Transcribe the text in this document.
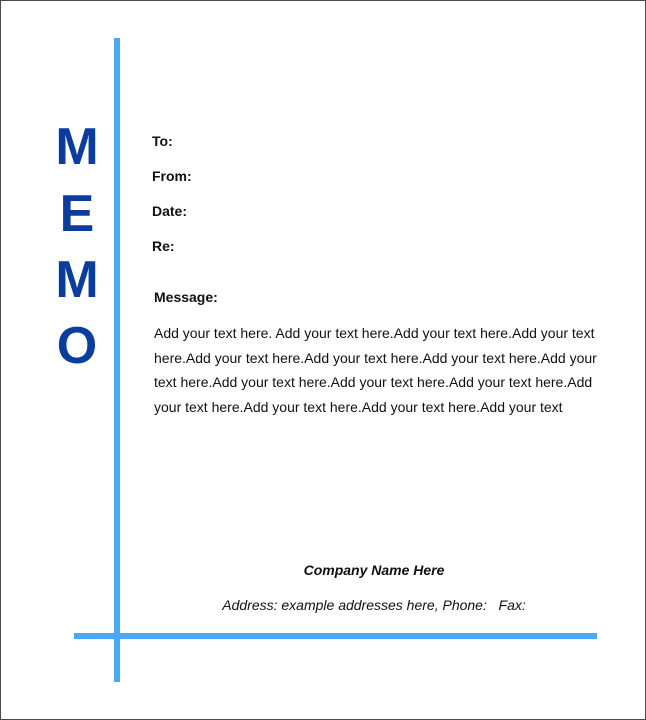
M
E
M
O
To:
From:
Date:
Re:
Message:
Add your text here. Add your text here.Add your text here.Add your text
here.Add your text here.Add your text here.Add your text here.Add your
text here.Add your text here.Add your text here.Add your text here.Add
your text here.Add your text here.Add your text here.Add your text
Company Name Here
Address: example addresses here, Phone:   Fax:
